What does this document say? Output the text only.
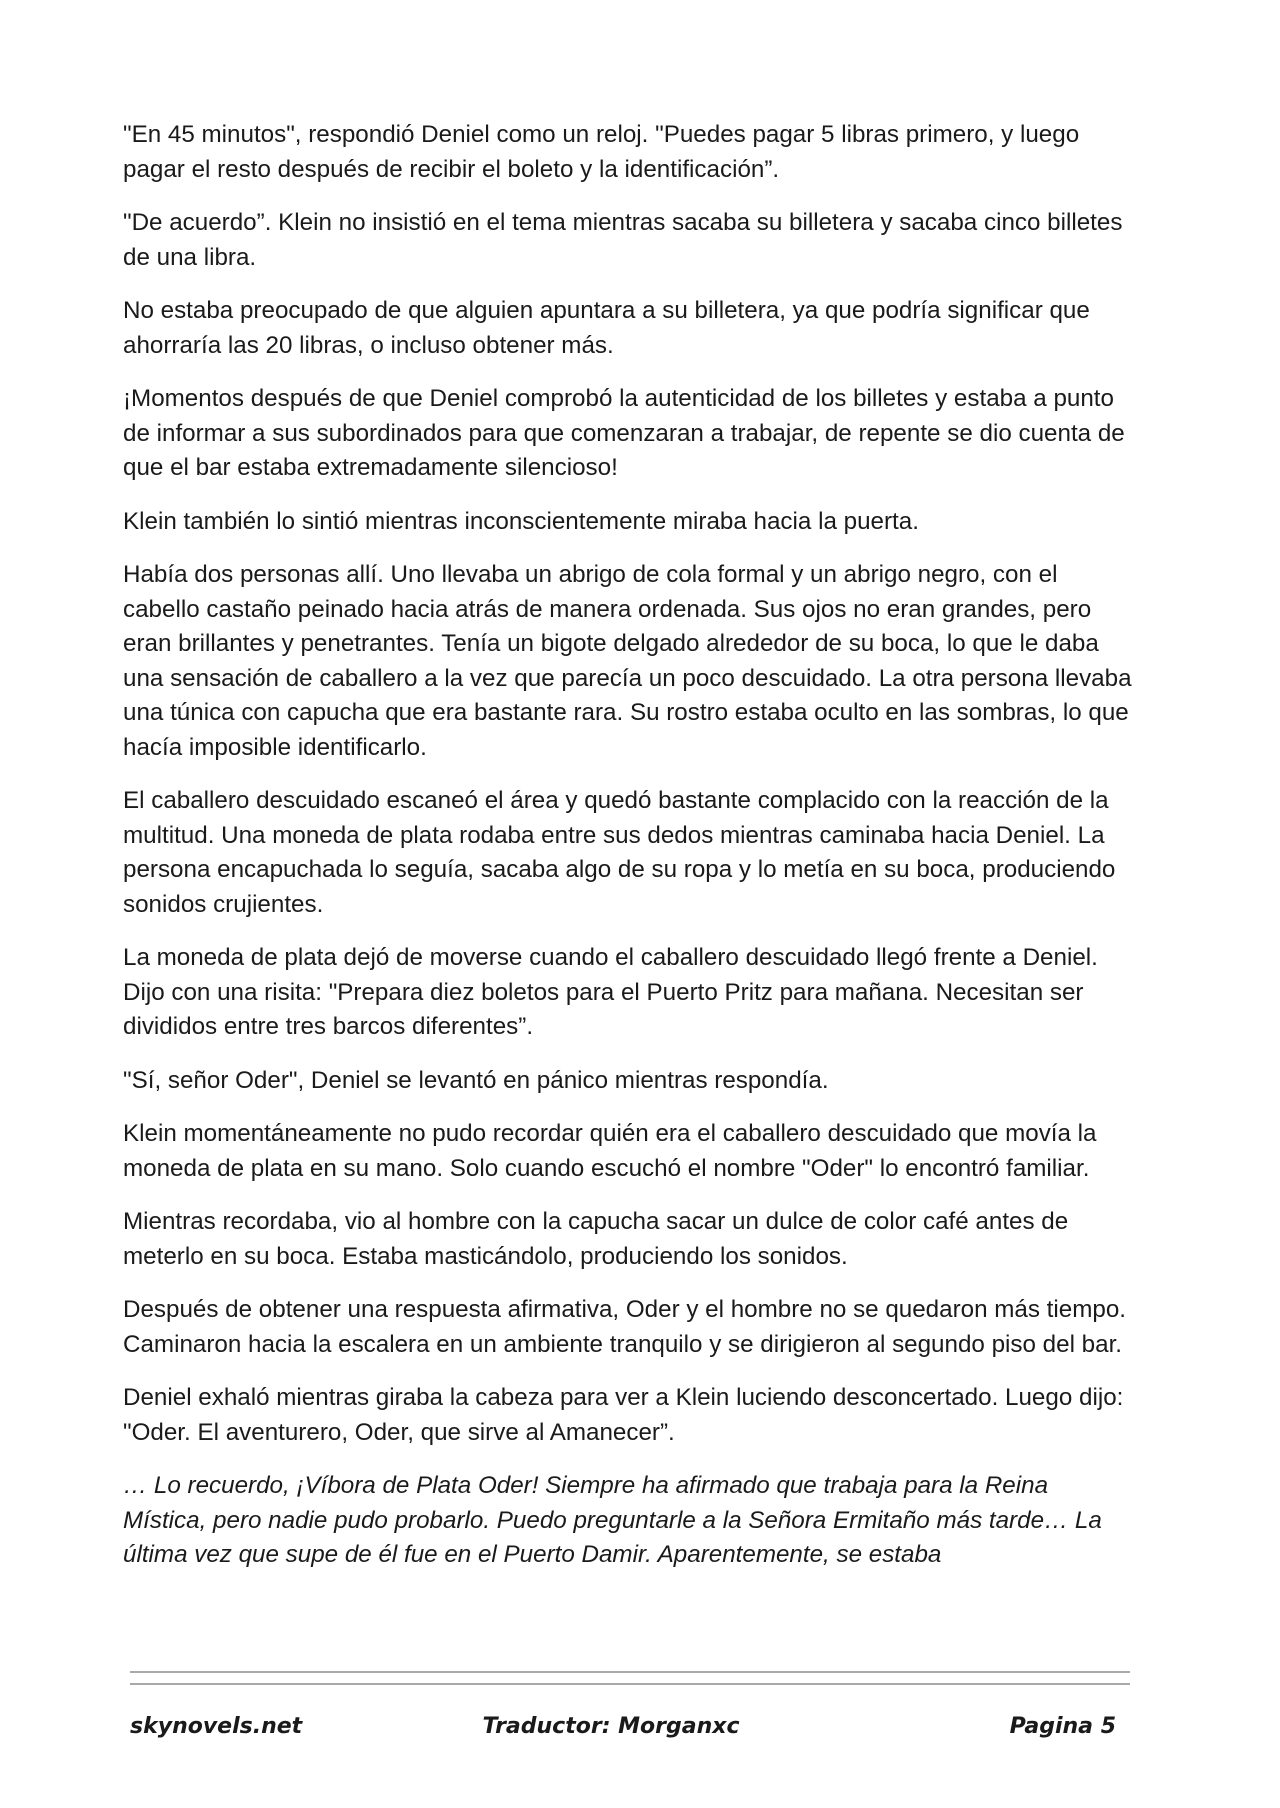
"En 45 minutos", respondió Deniel como un reloj. "Puedes pagar 5 libras primero, y luego pagar el resto después de recibir el boleto y la identificación”.

"De acuerdo”. Klein no insistió en el tema mientras sacaba su billetera y sacaba cinco billetes de una libra.

No estaba preocupado de que alguien apuntara a su billetera, ya que podría significar que ahorraría las 20 libras, o incluso obtener más.

¡Momentos después de que Deniel comprobó la autenticidad de los billetes y estaba a punto de informar a sus subordinados para que comenzaran a trabajar, de repente se dio cuenta de que el bar estaba extremadamente silencioso!

Klein también lo sintió mientras inconscientemente miraba hacia la puerta.

Había dos personas allí. Uno llevaba un abrigo de cola formal y un abrigo negro, con el cabello castaño peinado hacia atrás de manera ordenada. Sus ojos no eran grandes, pero eran brillantes y penetrantes. Tenía un bigote delgado alrededor de su boca, lo que le daba una sensación de caballero a la vez que parecía un poco descuidado. La otra persona llevaba una túnica con capucha que era bastante rara. Su rostro estaba oculto en las sombras, lo que hacía imposible identificarlo.

El caballero descuidado escaneó el área y quedó bastante complacido con la reacción de la multitud. Una moneda de plata rodaba entre sus dedos mientras caminaba hacia Deniel. La persona encapuchada lo seguía, sacaba algo de su ropa y lo metía en su boca, produciendo sonidos crujientes.

La moneda de plata dejó de moverse cuando el caballero descuidado llegó frente a Deniel. Dijo con una risita: "Prepara diez boletos para el Puerto Pritz para mañana. Necesitan ser divididos entre tres barcos diferentes”.

"Sí, señor Oder", Deniel se levantó en pánico mientras respondía.

Klein momentáneamente no pudo recordar quién era el caballero descuidado que movía la moneda de plata en su mano. Solo cuando escuchó el nombre "Oder" lo encontró familiar.

Mientras recordaba, vio al hombre con la capucha sacar un dulce de color café antes de meterlo en su boca. Estaba masticándolo, produciendo los sonidos.

Después de obtener una respuesta afirmativa, Oder y el hombre no se quedaron más tiempo. Caminaron hacia la escalera en un ambiente tranquilo y se dirigieron al segundo piso del bar.

Deniel exhaló mientras giraba la cabeza para ver a Klein luciendo desconcertado. Luego dijo: "Oder. El aventurero, Oder, que sirve al Amanecer”.

… Lo recuerdo, ¡Víbora de Plata Oder! Siempre ha afirmado que trabaja para la Reina Mística, pero nadie pudo probarlo. Puedo preguntarle a la Señora Ermitaño más tarde… La última vez que supe de él fue en el Puerto Damir. Aparentemente, se estaba

skynovels.net	Traductor: Morganxc	Pagina 5
